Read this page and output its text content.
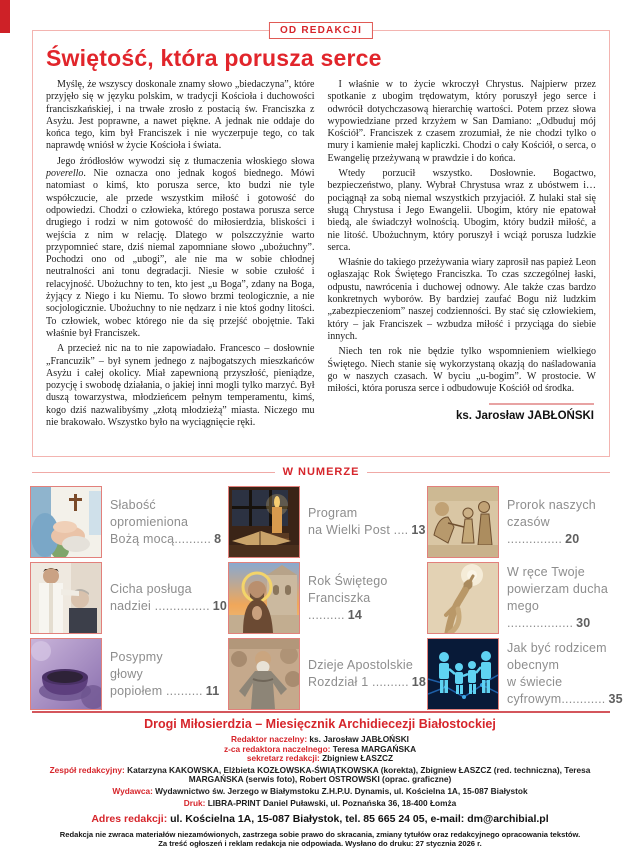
OD REDAKCJI
Świętość, która porusza serce

Myślę, że wszyscy doskonale znamy słowo „biedaczyna”, które przyjęło się w języku polskim, w tradycji Kościoła i duchowości franciszkańskiej, i na trwałe zrosło z postacią św. Franciszka z Asyżu. Jest poprawne, a nawet piękne. A jednak nie oddaje do końca tego, kim był Franciszek i nie wyczerpuje tego, co tak naprawdę wniósł w życie Kościoła i świata.

Jego źródłosłów wywodzi się z tłumaczenia włoskiego słowa poverello. Nie oznacza ono jednak kogoś biednego. Mówi natomiast o kimś, kto porusza serce, kto budzi nie tyle współczucie, ale przede wszystkim miłość i gotowość do odpowiedzi. Chodzi o człowieka, którego postawa porusza serce drugiego i rodzi w nim gotowość do miłosierdzia, bliskości i wejścia z nim w relację. Dlatego w polszczyźnie warto przypomnieć stare, dziś niemal zapomniane słowo „ubożuchny”. Pochodzi ono od „ubogi”, ale nie ma w sobie chłodnej neutralności ani tonu degradacji. Niesie w sobie czułość i relacyjność. Ubożuchny to ten, kto jest „u Boga”, zdany na Boga, żyjący z Niego i ku Niemu. To słowo brzmi teologicznie, a nie socjologicznie. Ubożuchny to nie nędzarz i nie ktoś godny litości. To człowiek, wobec którego nie da się przejść obojętnie. Taki właśnie był Franciszek.

A przecież nic na to nie zapowiadało. Francesco – dosłownie „Francuzik” – był synem jednego z najbogatszych mieszkańców Asyżu i całej okolicy. Miał zapewnioną przyszłość, pieniądze, pozycję i swobodę działania, o jakiej inni mogli tylko marzyć. Był duszą towarzystwa, młodzieńcem pełnym temperamentu, kimś, kogo dziś nazwalibyśmy „złotą młodzieżą” miasta. Niczego mu nie brakowało. Wszystko było na wyciągnięcie ręki.

I właśnie w to życie wkroczył Chrystus. Najpierw przez spotkanie z ubogim trędowatym, który poruszył jego serce i odwrócił dotychczasową hierarchię wartości. Potem przez słowa wypowiedziane przed krzyżem w San Damiano: „Odbuduj mój Kościół”. Franciszek z czasem zrozumiał, że nie chodzi tylko o mury i kamienie małej kapliczki. Chodzi o cały Kościół, o serca, o Ewangelię przeżywaną w prawdzie i do końca.

Wtedy porzucił wszystko. Dosłownie. Bogactwo, bezpieczeństwo, plany. Wybrał Chrystusa wraz z ubóstwem i… pociągnął za sobą niemal wszystkich przyjaciół. Z hulaki stał się sługą Chrystusa i Jego Ewangelii. Ubogim, który nie epatował biedą, ale świadczył wolnością. Ubogim, który budził miłość, a nie litość. Ubożuchnym, który poruszył i wciąż porusza ludzkie serca.

Właśnie do takiego przeżywania wiary zaprosił nas papież Leon ogłaszając Rok Świętego Franciszka. To czas szczególnej łaski, odpustu, nawrócenia i duchowej odnowy. Ale także czas bardzo konkretnych wyborów. By bardziej zaufać Bogu niż ludzkim „zabezpieczeniom” naszej codzienności. By stać się człowiekiem, który – jak Franciszek – wzbudza miłość i przyciąga do siebie innych.

Niech ten rok nie będzie tylko wspomnieniem wielkiego Świętego. Niech stanie się wykorzystaną okazją do naśladowania go w naszych czasach. W byciu „u-bogim”. W prostocie. W miłości, która porusza serce i odbudowuje Kościół od środka.

ks. Jarosław JABŁOŃSKI
W NUMERZE
Słabość
opromieniona
Bożą mocą.......... 8
Program
na Wielki Post .... 13
Prorok naszych
czasów ............... 20
Cicha posługa
nadziei ............... 10
Rok Świętego
Franciszka .......... 14
W ręce Twoje
powierzam ducha
mego .................. 30
Posypmy
głowy
popiołem .......... 11
Dzieje Apostolskie
Rozdział 1 .......... 18
Jak być rodzicem
obecnym
w świecie
cyfrowym............ 35
Drogi Miłosierdzia – Miesięcznik Archidiecezji Białostockiej
Redaktor naczelny: ks. Jarosław JABŁOŃSKI
z-ca redaktora naczelnego: Teresa MARGAŃSKA
sekretarz redakcji: Zbigniew ŁASZCZ
Zespół redakcyjny: Katarzyna KAKOWSKA, Elżbieta KOZŁOWSKA-ŚWIĄTKOWSKA (korekta), Zbigniew ŁASZCZ (red. techniczna), Teresa MARGAŃSKA (serwis foto), Robert OSTROWSKI (oprac. graficzne)
Wydawca: Wydawnictwo św. Jerzego w Białymstoku Z.H.P.U. Dynamis, ul. Kościelna 1A, 15-087 Białystok
Druk: LIBRA-PRINT Daniel Puławski, ul. Poznańska 36, 18-400 Łomża
Adres redakcji: ul. Kościelna 1A, 15-087 Białystok, tel. 85 665 24 05, e-mail: dm@archibial.pl
Redakcja nie zwraca materiałów niezamówionych, zastrzega sobie prawo do skracania, zmiany tytułów oraz redakcyjnego opracowania tekstów.
Za treść ogłoszeń i reklam redakcja nie odpowiada. Wysłano do druku: 27 stycznia 2026 r.
